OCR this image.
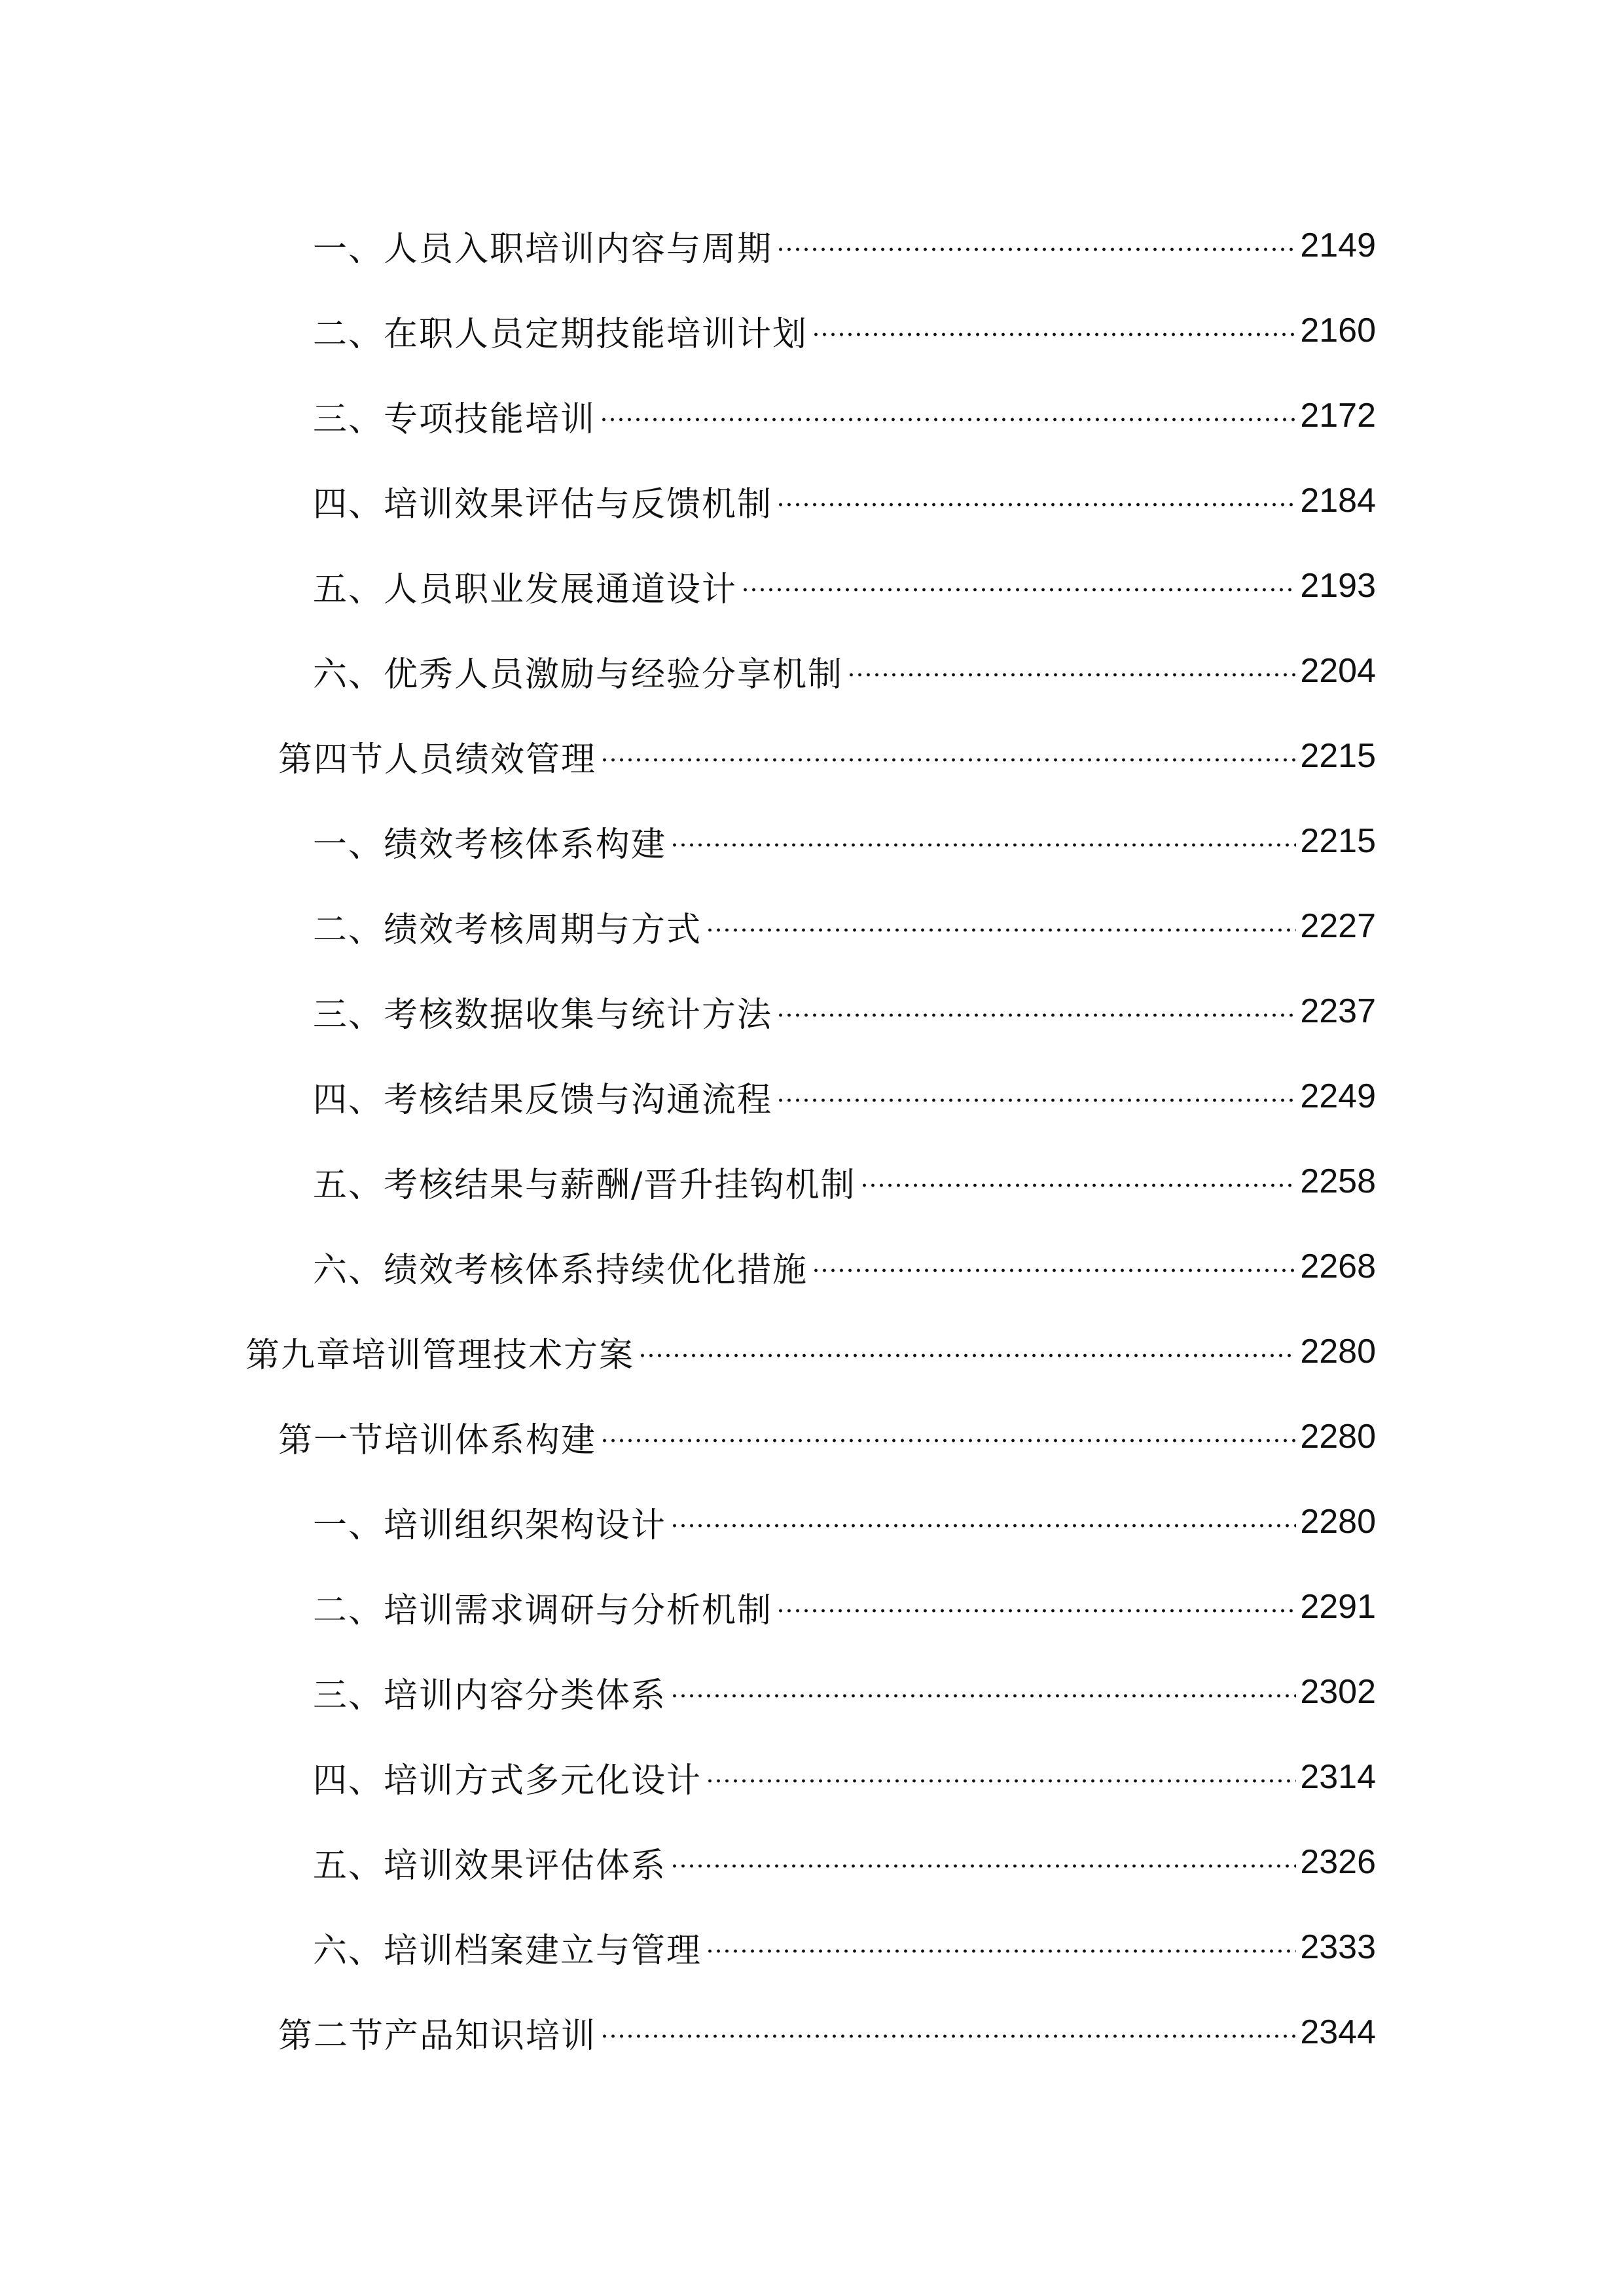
一、人员入职培训内容与周期	2149
二、在职人员定期技能培训计划	2160
三、专项技能培训	2172
四、培训效果评估与反馈机制	2184
五、人员职业发展通道设计	2193
六、优秀人员激励与经验分享机制	2204
第四节人员绩效管理	2215
一、绩效考核体系构建	2215
二、绩效考核周期与方式	2227
三、考核数据收集与统计方法	2237
四、考核结果反馈与沟通流程	2249
五、考核结果与薪酬/晋升挂钩机制	2258
六、绩效考核体系持续优化措施	2268
第九章培训管理技术方案	2280
第一节培训体系构建	2280
一、培训组织架构设计	2280
二、培训需求调研与分析机制	2291
三、培训内容分类体系	2302
四、培训方式多元化设计	2314
五、培训效果评估体系	2326
六、培训档案建立与管理	2333
第二节产品知识培训	2344
